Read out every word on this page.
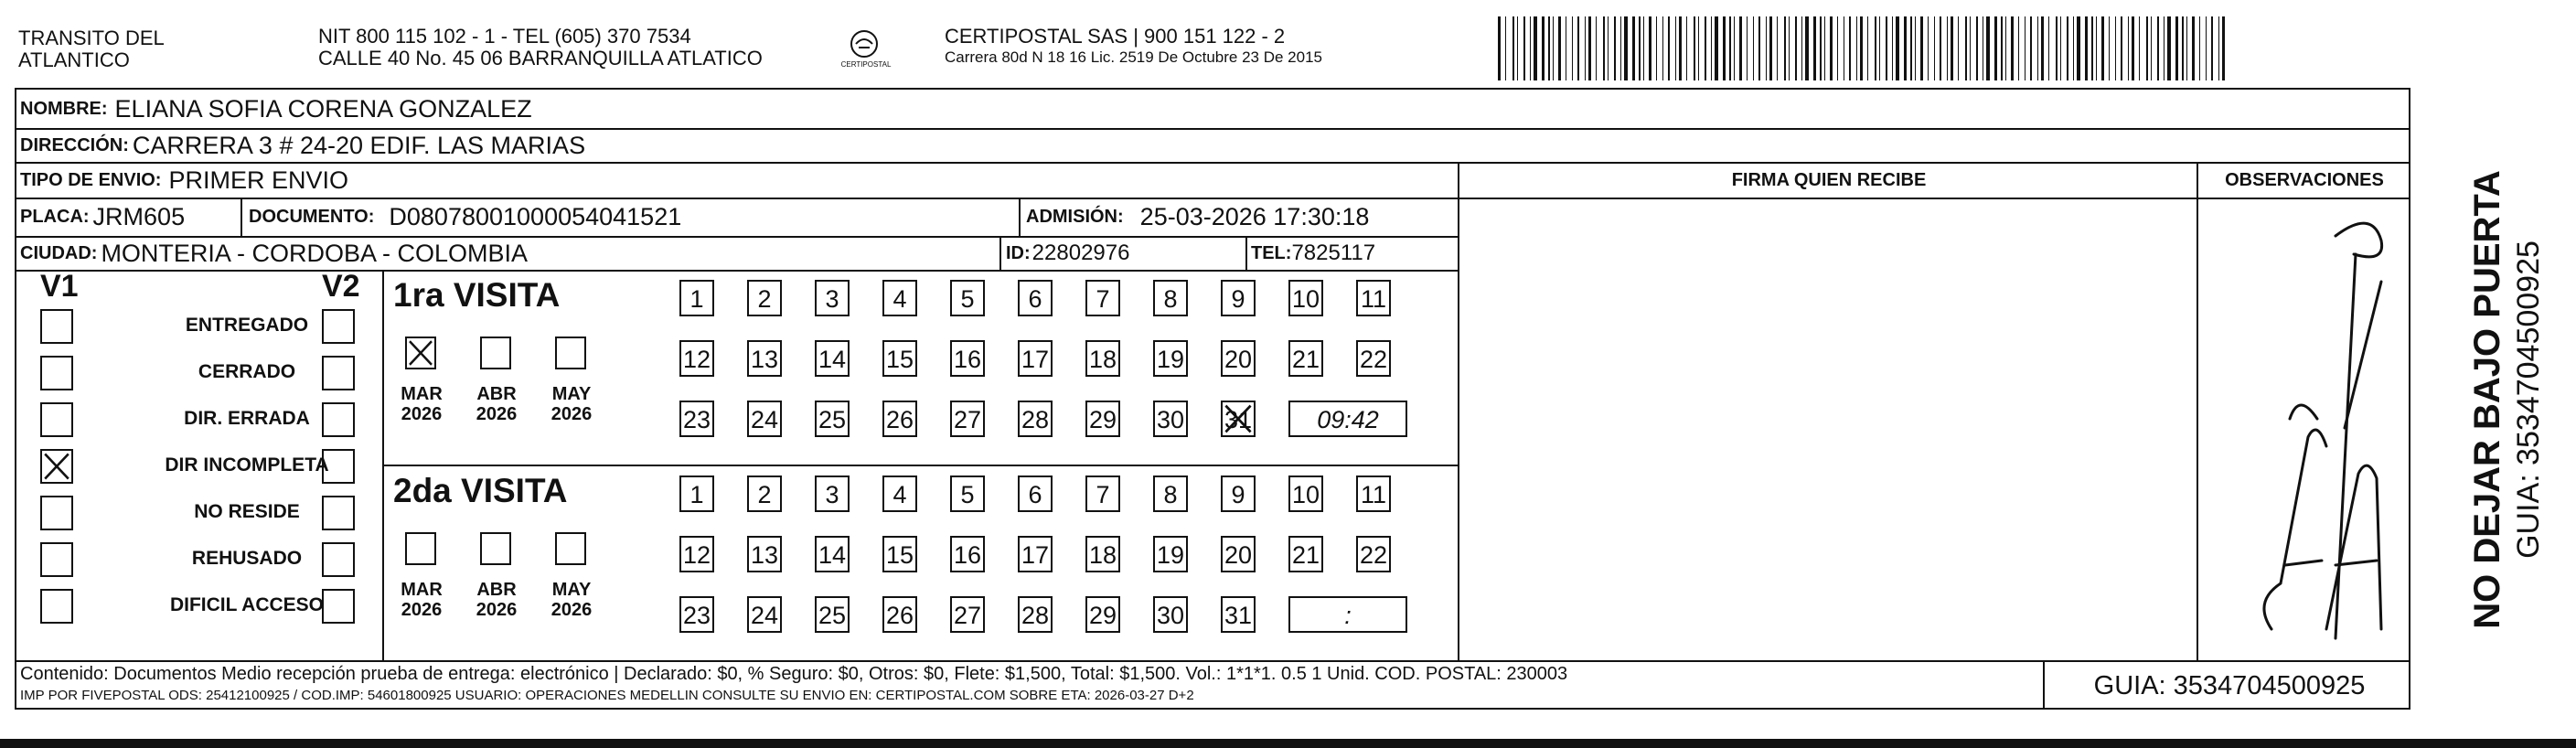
TRANSITO DEL
ATLANTICO
NIT 800 115 102 - 1 - TEL (605) 370 7534
CALLE 40 No. 45 06 BARRANQUILLA ATLATICO	CERTIPOSTAL
CERTIPOSTAL SAS | 900 151 122 - 2
Carrera 80d N 18 16 Lic. 2519 De Octubre 23 De 2015
NOMBRE: ELIANA SOFIA CORENA GONZALEZ
DIRECCIÓN: CARRERA 3 # 24-20 EDIF. LAS MARIAS
TIPO DE ENVIO: PRIMER ENVIO	FIRMA QUIEN RECIBE	OBSERVACIONES
PLACA: JRM605	DOCUMENTO: D08078001000054041521	ADMISIÓN: 25-03-2026 17:30:18
CIUDAD: MONTERIA - CORDOBA - COLOMBIA	ID: 22802976	TEL: 7825117
V1	V2
ENTREGADO
CERRADO
DIR. ERRADA
DIR INCOMPLETA
NO RESIDE
REHUSADO
DIFICIL ACCESO
1ra VISITA
MAR
2026
ABR
2026
MAY
2026
1	2	3	4	5	6	7	8	9	10 11
12 13 14 15 16 17 18 19 20 21 22
23 24 25 26 27 28 29 30 31	09:42
2da VISITA
MAR
2026
ABR
2026
MAY
2026
1	2	3	4	5	6	7	8	9	10 11
12 13 14 15 16 17 18 19 20 21 22
23 24 25 26 27 28 29 30 31	:
Contenido: Documentos Medio recepción prueba de entrega: electrónico | Declarado: $0, % Seguro: $0, Otros: $0, Flete: $1,500, Total: $1,500. Vol.: 1*1*1. 0.5 1 Unid. COD. POSTAL: 230003
IMP POR FIVEPOSTAL ODS: 25412100925 / COD.IMP: 54601800925 USUARIO: OPERACIONES MEDELLIN CONSULTE SU ENVIO EN: CERTIPOSTAL.COM SOBRE ETA: 2026-03-27 D+2	GUIA: 3534704500925
NO DEJAR BAJO PUERTA GUIA: 3534704500925
